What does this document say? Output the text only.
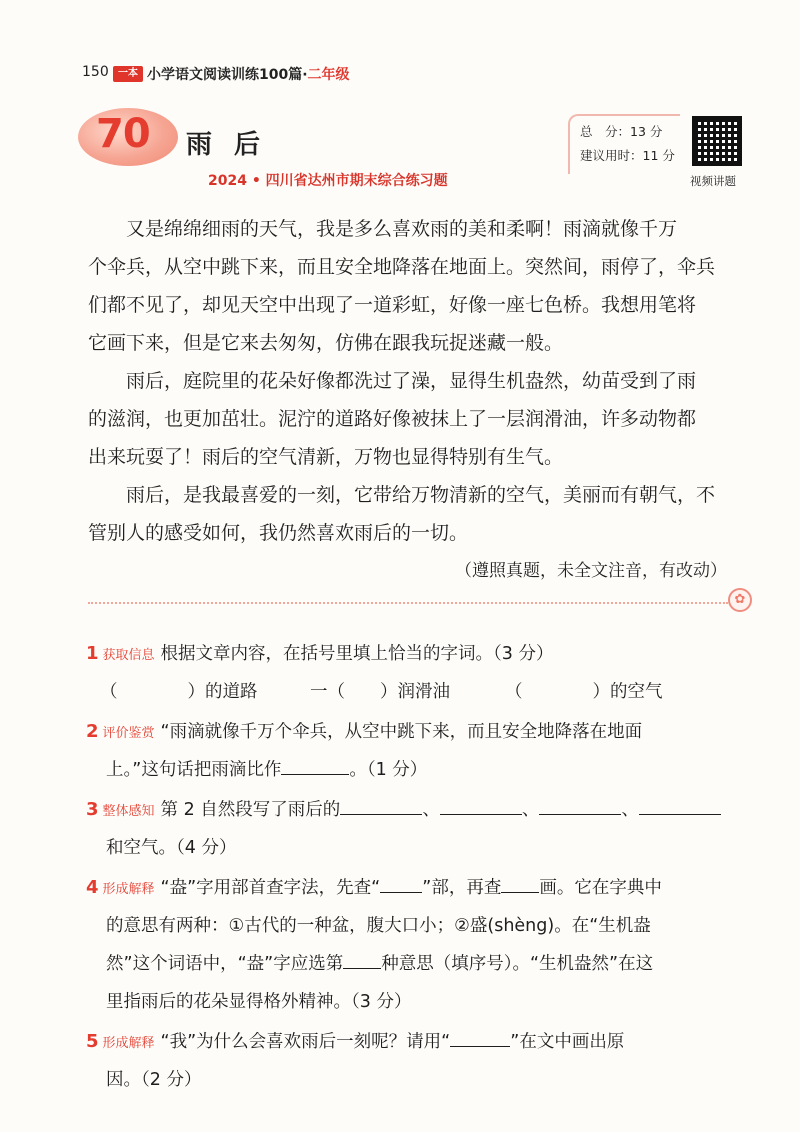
150 一本 小学语文阅读训练100篇·二年级
70 雨后
2024 • 四川省达州市期末综合练习题
总　分：13 分
建议用时：11 分
视频讲题
又是绵绵细雨的天气，我是多么喜欢雨的美和柔啊！雨滴就像千万
个伞兵，从空中跳下来，而且安全地降落在地面上。突然间，雨停了，伞兵
们都不见了，却见天空中出现了一道彩虹，好像一座七色桥。我想用笔将
它画下来，但是它来去匆匆，仿佛在跟我玩捉迷藏一般。
雨后，庭院里的花朵好像都洗过了澡，显得生机盎然，幼苗受到了雨
的滋润，也更加茁壮。泥泞的道路好像被抹上了一层润滑油，许多动物都
出来玩耍了！雨后的空气清新，万物也显得特别有生气。
雨后，是我最喜爱的一刻，它带给万物清新的空气，美丽而有朝气，不
管别人的感受如何，我仍然喜欢雨后的一切。
（遵照真题，未全文注音，有改动）
✿
1 获取信息 根据文章内容，在括号里填上恰当的字词。（3 分）
（　　　　）的道路	一（　　）润滑油	（　　　　）的空气
2 评价鉴赏 “雨滴就像千万个伞兵，从空中跳下来，而且安全地降落在地面
上。”这句话把雨滴比作	。（1 分）
3 整体感知 第 2 自然段写了雨后的	、	、	、
和空气。（4 分）
4 形成解释 “盎”字用部首查字法，先查“ ”部，再查 画。它在字典中
的意思有两种：①古代的一种盆，腹大口小；②盛(shèng)。在“生机盎
然”这个词语中，“盎”字应选第 种意思（填序号）。“生机盎然”在这
里指雨后的花朵显得格外精神。（3 分）
5 形成解释 “我”为什么会喜欢雨后一刻呢？请用“	”在文中画出原
因。（2 分）
